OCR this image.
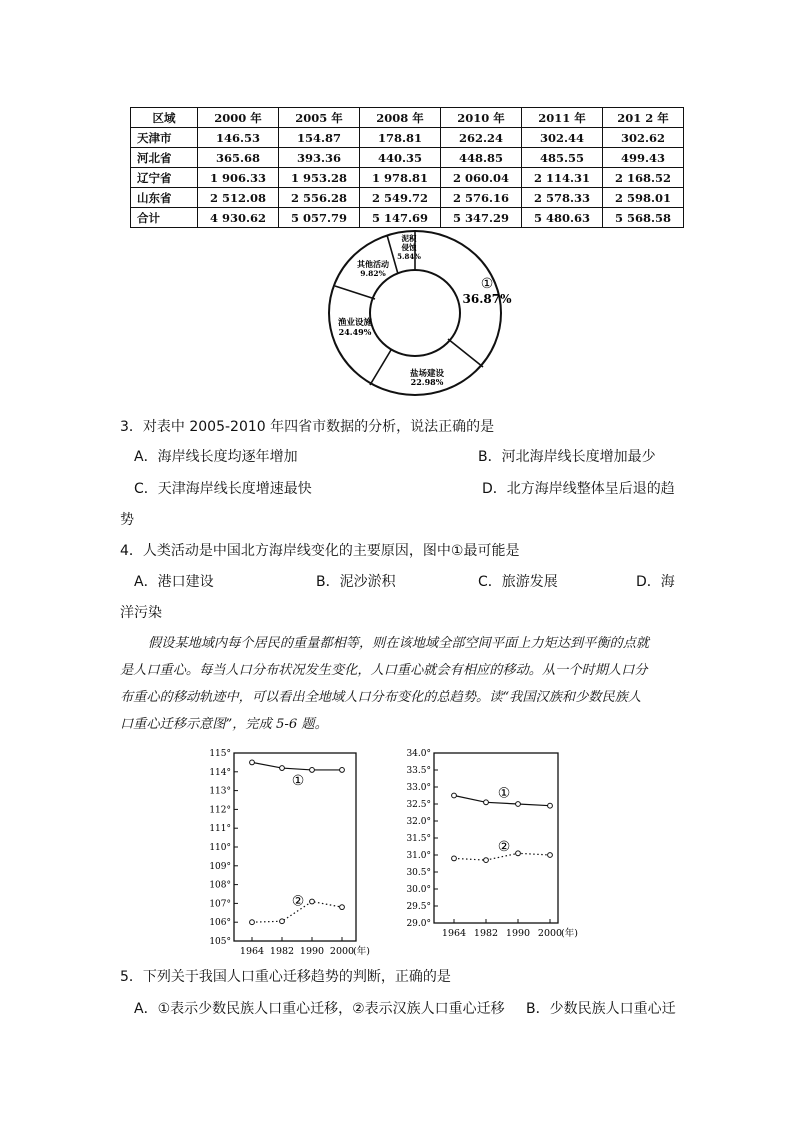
区域	2000 年	2005 年	2008 年	2010 年	2011 年	201 2 年
天津市	146.53	154.87	178.81	262.24	302.44	302.62
河北省	365.68	393.36	440.35	448.85	485.55	499.43
辽宁省	1 906.33	1 953.28	1 978.81	2 060.04	2 114.31	2 168.52
山东省	2 512.08	2 556.28	2 549.72	2 576.16	2 578.33	2 598.01
合计	4 930.62	5 057.79	5 147.69	5 347.29	5 480.63	5 568.58
①
36.87%
盐场建设
22.98%
渔业设施
24.49%
其他活动
9.82%
泥积
侵蚀
5.84%
3．对表中 2005-2010 年四省市数据的分析，说法正确的是
A．海岸线长度均逐年增加	B．河北海岸线长度增加最少
C．天津海岸线长度增速最快	D．北方海岸线整体呈后退的趋
势
4．人类活动是中国北方海岸线变化的主要原因，图中①最可能是
A．港口建设	B．泥沙淤积	C．旅游发展	D．海
洋污染

假设某地域内每个居民的重量都相等，则在该地域全部空间平面上力矩达到平衡的点就

是人口重心。每当人口分布状况发生变化，人口重心就会有相应的移动。从一个时期人口分
布重心的移动轨迹中，可以看出全地域人口分布变化的总趋势。读“我国汉族和少数民族人
口重心迁移示意图”，完成 5-6 题。
115°
114°
113°
112°
111°
110°
109°
108°
107°
106°
105°
1964 1982 1990 2000
(年)
①
②
34.0°
33.5°
33.0°
32.5°
32.0°
31.5°
31.0°
30.5°
30.0°
29.5°
29.0°
1964 1982 1990 2000
(年)
①
②
5．下列关于我国人口重心迁移趋势的判断，正确的是
A．①表示少数民族人口重心迁移，②表示汉族人口重心迁移 B．少数民族人口重心迁
